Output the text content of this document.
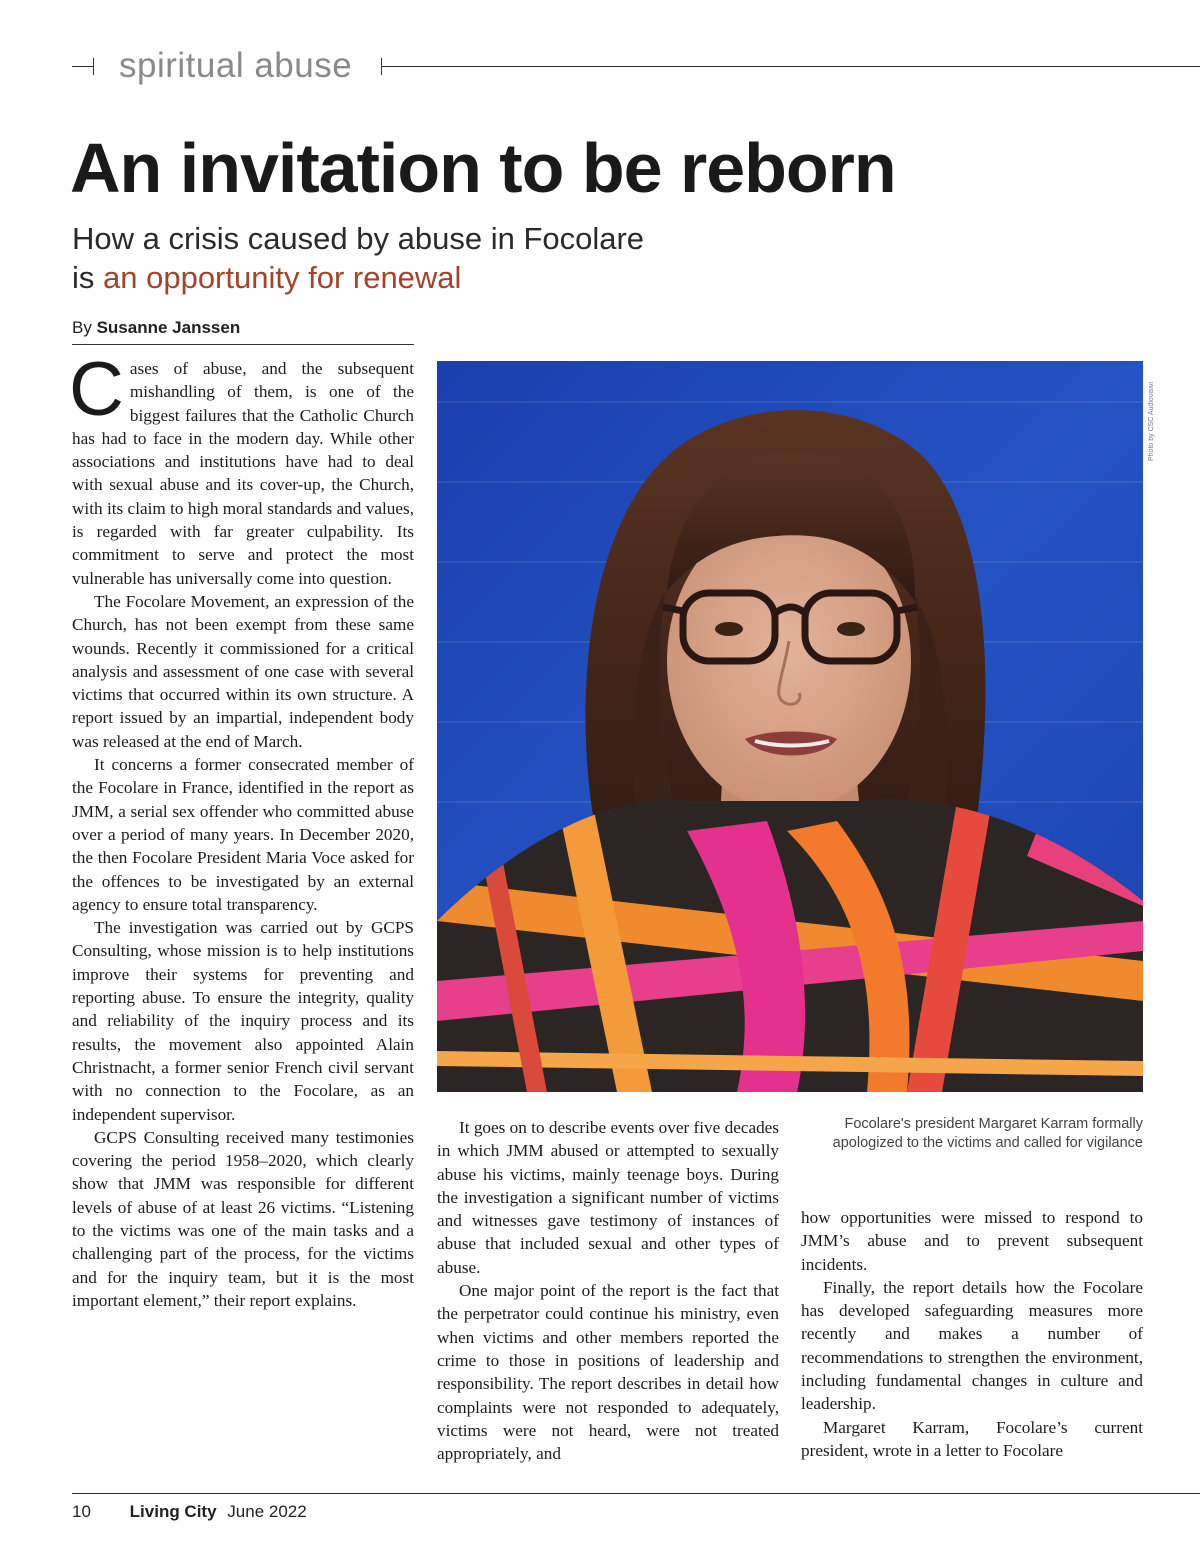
spiritual abuse
An invitation to be reborn
How a crisis caused by abuse in Focolare
is an opportunity for renewal
By Susanne Janssen

Cases of abuse, and the subsequent mishandling of them, is one of the biggest failures that the Catholic Church has had to face in the modern day. While other associations and institutions have had to deal with sexual abuse and its cover-up, the Church, with its claim to high moral standards and values, is regarded with far greater culpability. Its commitment to serve and protect the most vulnerable has universally come into question.

The Focolare Movement, an expression of the Church, has not been exempt from these same wounds. Recently it commissioned for a critical analysis and assessment of one case with several victims that occurred within its own structure. A report issued by an impartial, independent body was released at the end of March.

It concerns a former consecrated member of the Focolare in France, identified in the report as JMM, a serial sex offender who committed abuse over a period of many years. In December 2020, the then Focolare President Maria Voce asked for the offences to be investigated by an external agency to ensure total transparency.

The investigation was carried out by GCPS Consulting, whose mission is to help institutions improve their systems for preventing and reporting abuse. To ensure the integrity, quality and reliability of the inquiry process and its results, the movement also appointed Alain Christnacht, a former senior French civil servant with no connection to the Focolare, as an independent supervisor.

GCPS Consulting received many testimonies covering the period 1958–2020, which clearly show that JMM was responsible for different levels of abuse of at least 26 victims. “Listening to the victims was one of the main tasks and a challenging part of the process, for the victims and for the inquiry team, but it is the most important element,” their report explains.

Photo by CSC Audiovisivi

It goes on to describe events over five decades in which JMM abused or attempted to sexually abuse his victims, mainly teenage boys. During the investigation a significant number of victims and witnesses gave testimony of instances of abuse that included sexual and other types of abuse.

One major point of the report is the fact that the perpetrator could continue his ministry, even when victims and other members reported the crime to those in positions of leadership and responsibility. The report describes in detail how complaints were not responded to adequately, victims were not heard, were not treated appropriately, and

Focolare's president Margaret Karram formally apologized to the victims and called for vigilance

how opportunities were missed to respond to JMM’s abuse and to prevent subsequent incidents.

Finally, the report details how the Focolare has developed safeguarding measures more recently and makes a number of recommendations to strengthen the environment, including fundamental changes in culture and leadership.

Margaret Karram, Focolare’s current president, wrote in a letter to Focolare

10 Living City June 2022
